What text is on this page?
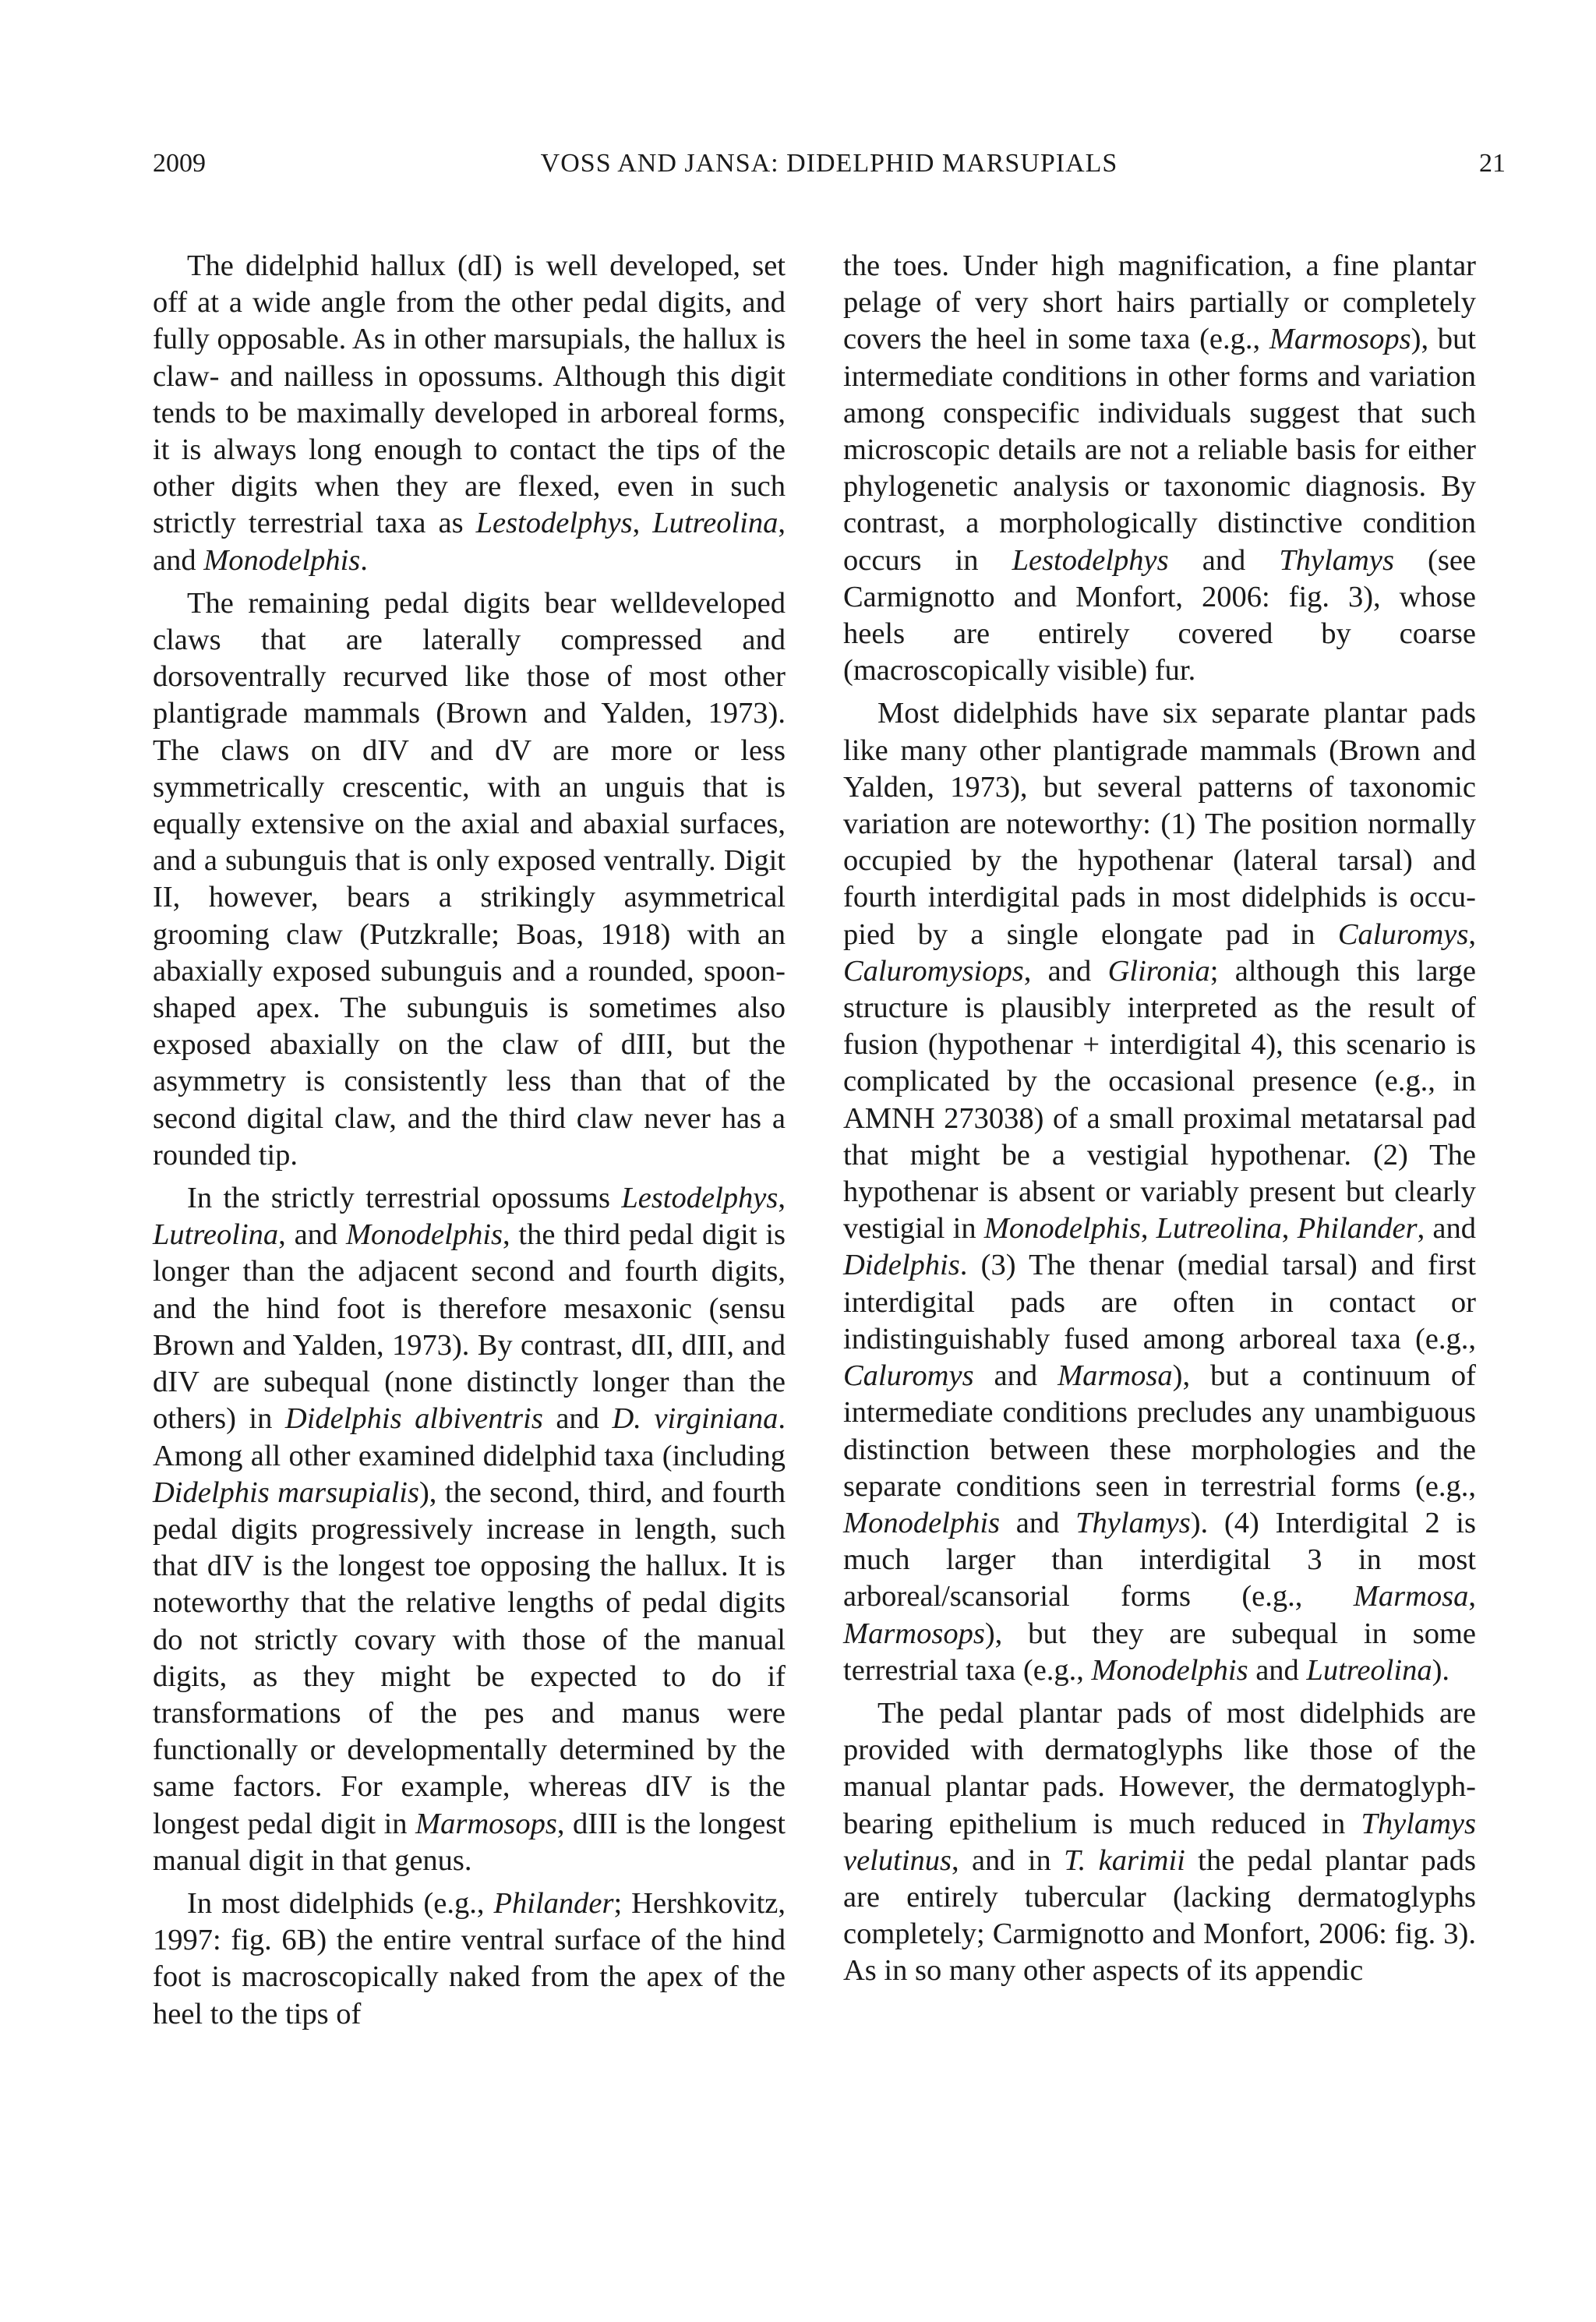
2009	VOSS AND JANSA: DIDELPHID MARSUPIALS	21

The didelphid hallux (dI) is well developed, set off at a wide angle from the other pedal digits, and fully opposable. As in other marsupials, the hallux is claw- and nailless in opossums. Although this digit tends to be maximally developed in arboreal forms, it is always long enough to contact the tips of the other digits when they are flexed, even in such strictly terrestrial taxa as Lestodelphys, Lutreolina, and Monodelphis.

The remaining pedal digits bear welldeveloped claws that are laterally compressed and dorsoventrally recurved like those of most other plantigrade mammals (Brown and Yalden, 1973). The claws on dIV and dV are more or less symmetrically crescentic, with an unguis that is equally extensive on the axial and abaxial surfaces, and a subunguis that is only exposed ventrally. Digit II, however, bears a strikingly asymmetrical grooming claw (Putzkralle; Boas, 1918) with an abaxially exposed subunguis and a rounded, spoon-shaped apex. The subunguis is sometimes also exposed abaxially on the claw of dIII, but the asymmetry is consistently less than that of the second digital claw, and the third claw never has a rounded tip.

In the strictly terrestrial opossums Lestodelphys, Lutreolina, and Monodelphis, the third pedal digit is longer than the adjacent second and fourth digits, and the hind foot is therefore mesaxonic (sensu Brown and Yalden, 1973). By contrast, dII, dIII, and dIV are subequal (none distinctly longer than the others) in Didelphis albiventris and D. virginiana. Among all other examined didelphid taxa (including Didelphis marsupialis), the second, third, and fourth pedal digits progressively increase in length, such that dIV is the longest toe opposing the hallux. It is noteworthy that the relative lengths of pedal digits do not strictly covary with those of the manual digits, as they might be expected to do if transformations of the pes and manus were functionally or developmentally determined by the same factors. For example, whereas dIV is the longest pedal digit in Marmosops, dIII is the longest manual digit in that genus.

In most didelphids (e.g., Philander; Hershkovitz, 1997: fig. 6B) the entire ventral surface of the hind foot is macroscopically naked from the apex of the heel to the tips of

the toes. Under high magnification, a fine plantar pelage of very short hairs partially or completely covers the heel in some taxa (e.g., Marmosops), but intermediate conditions in other forms and variation among conspecific individuals suggest that such microscopic details are not a reliable basis for either phylogenetic analysis or taxonomic diagnosis. By contrast, a morphologically distinctive condition occurs in Lestodelphys and Thylamys (see Carmignotto and Monfort, 2006: fig. 3), whose heels are entirely covered by coarse (macroscopically visible) fur.

Most didelphids have six separate plantar pads like many other plantigrade mammals (Brown and Yalden, 1973), but several patterns of taxonomic variation are noteworthy: (1) The position normally occupied by the hypothenar (lateral tarsal) and fourth interdigital pads in most didelphids is occupied by a single elongate pad in Caluromys, Caluromysiops, and Glironia; although this large structure is plausibly interpreted as the result of fusion (hypothenar + interdigital 4), this scenario is complicated by the occasional presence (e.g., in AMNH 273038) of a small proximal metatarsal pad that might be a vestigial hypothenar. (2) The hypothenar is absent or variably present but clearly vestigial in Monodelphis, Lutreolina, Philander, and Didelphis. (3) The thenar (medial tarsal) and first interdigital pads are often in contact or indistinguishably fused among arboreal taxa (e.g., Caluromys and Marmosa), but a continuum of intermediate conditions precludes any unambiguous distinction between these morphologies and the separate conditions seen in terrestrial forms (e.g., Monodelphis and Thylamys). (4) Interdigital 2 is much larger than interdigital 3 in most arboreal/scansorial forms (e.g., Marmosa, Marmosops), but they are subequal in some terrestrial taxa (e.g., Monodelphis and Lutreolina).

The pedal plantar pads of most didelphids are provided with dermatoglyphs like those of the manual plantar pads. However, the dermatoglyph-bearing epithelium is much reduced in Thylamys velutinus, and in T. karimii the pedal plantar pads are entirely tubercular (lacking dermatoglyphs completely; Carmignotto and Monfort, 2006: fig. 3). As in so many other aspects of its appendic
